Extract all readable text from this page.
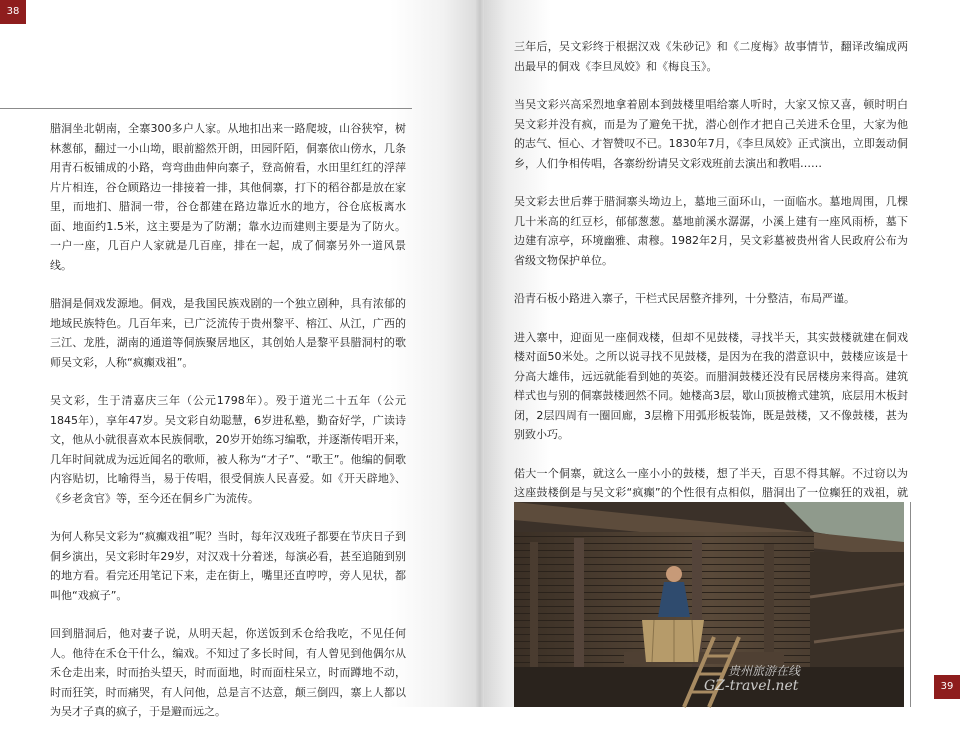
38

腊洞坐北朝南，全寨300多户人家。从地扣出来一路爬坡，山谷狭窄，树林葱郁，翻过一小山坳，眼前豁然开朗，田园阡陌，侗寨依山傍水，几条用青石板铺成的小路，弯弯曲曲伸向寨子，登高俯看，水田里红红的浮萍片片相连，谷仓顾路边一排接着一排，其他侗寨，打下的稻谷都是放在家里，而地扪、腊洞一带，谷仓都建在路边靠近水的地方，谷仓底板离水面、地面约1.5米，这主要是为了防潮；靠水边而建则主要是为了防火。一户一座，几百户人家就是几百座，排在一起，成了侗寨另外一道风景线。

腊洞是侗戏发源地。侗戏，是我国民族戏剧的一个独立剧种，具有浓郁的地域民族特色。几百年来，已广泛流传于贵州黎平、榕江、从江，广西的三江、龙胜，湖南的通道等侗族聚居地区，其创始人是黎平县腊洞村的歌师吴文彩，人称“疯癫戏祖”。

吴文彩，生于清嘉庆三年（公元1798年）。殁于道光二十五年（公元1845年），享年47岁。吴文彩自幼聪慧，6岁进私塾，勤奋好学，广读诗文，他从小就很喜欢本民族侗歌，20岁开始练习编歌，并逐渐传唱开来，几年时间就成为远近闻名的歌师，被人称为“才子”、“歌王”。他编的侗歌内容贴切，比喻得当，易于传唱，很受侗族人民喜爱。如《开天辟地》、《乡老贪官》等，至今还在侗乡广为流传。

为何人称吴文彩为“疯癫戏祖”呢？当时，每年汉戏班子都要在节庆日子到侗乡演出，吴文彩时年29岁，对汉戏十分着迷，每演必看，甚至追随到别的地方看。看完还用笔记下来，走在街上，嘴里还直哼哼，旁人见状，都叫他“戏疯子”。

回到腊洞后，他对妻子说，从明天起，你送饭到禾仓给我吃，不见任何人。他待在禾仓干什么，编戏。不知过了多长时间，有人曾见到他偶尔从禾仓走出来，时而抬头望天，时而面地，时而面柱呆立，时而蹲地不动，时而狂笑，时而痛哭，有人问他，总是言不达意，颠三倒四，寨上人都以为吴才子真的疯子，于是避而远之。

三年后，吴文彩终于根据汉戏《朱砂记》和《二度梅》故事情节，翻译改编成两出最早的侗戏《李旦凤姣》和《梅良玉》。

当吴文彩兴高采烈地拿着剧本到鼓楼里唱给寨人听时，大家又惊又喜，顿时明白吴文彩并没有疯，而是为了避免干扰，潜心创作才把自己关进禾仓里，大家为他的志气、恒心、才智赞叹不已。1830年7月，《李旦凤姣》正式演出，立即轰动侗乡，人们争相传唱，各寨纷纷请吴文彩戏班前去演出和教唱……

吴文彩去世后葬于腊洞寨头坳边上，墓地三面环山，一面临水。墓地周围，几棵几十米高的红豆杉，郁郁葱葱。墓地前溪水潺潺，小溪上建有一座风雨桥，墓下边建有凉亭，环境幽雅、肃穆。1982年2月，吴文彩墓被贵州省人民政府公布为省级文物保护单位。

沿青石板小路进入寨子，干栏式民居整齐排列，十分整洁，布局严谨。

进入寨中，迎面见一座侗戏楼，但却不见鼓楼，寻找半天，其实鼓楼就建在侗戏楼对面50米处。之所以说寻找不见鼓楼，是因为在我的潜意识中，鼓楼应该是十分高大雄伟，远远就能看到她的英姿。而腊洞鼓楼还没有民居楼房来得高。建筑样式也与别的侗寨鼓楼迥然不同。她楼高3层，歇山顶披檐式建筑，底层用木板封闭，2层四周有一圈回廊，3层檐下用弧形板装饰，既是鼓楼，又不像鼓楼，甚为别致小巧。

偌大一个侗寨，就这么一座小小的鼓楼，想了半天，百思不得其解。不过窃以为这座鼓楼倒是与吴文彩“疯癫”的个性很有点相似，腊洞出了一位癫狂的戏祖，就

贵州旅游在线
GZ-travel.net	39
